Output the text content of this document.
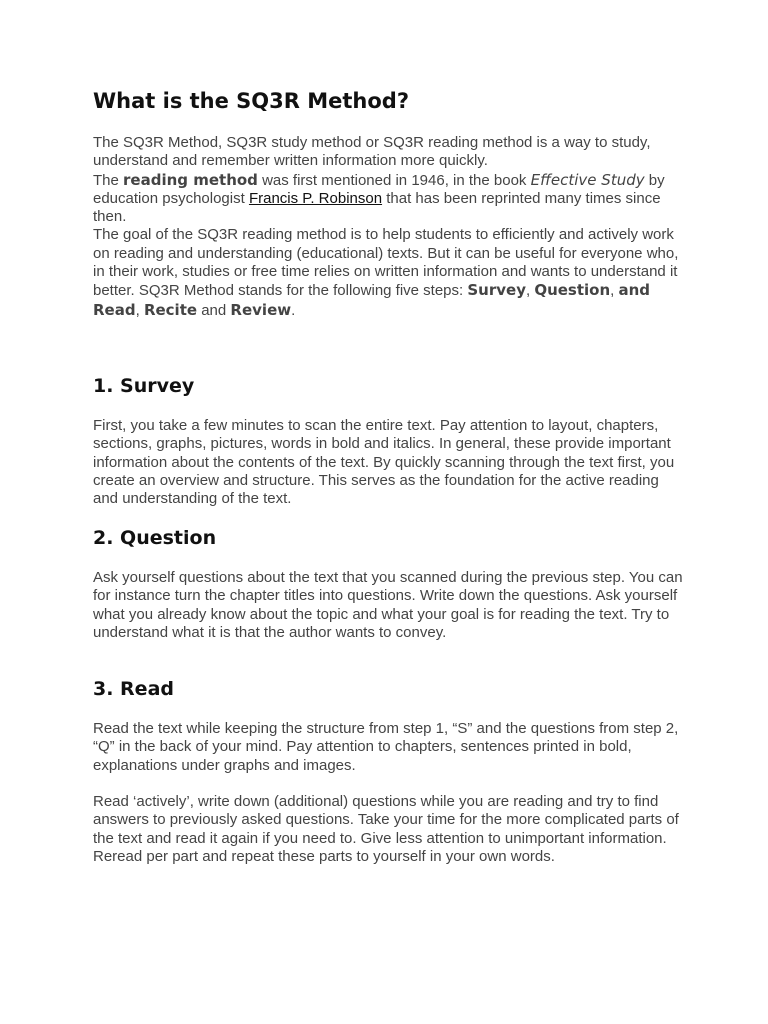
What is the SQ3R Method?

The SQ3R Method, SQ3R study method or SQ3R reading method is a way to study, understand and remember written information more quickly.

The reading method was first mentioned in 1946, in the book Effective Study by education psychologist Francis P. Robinson that has been reprinted many times since then.

The goal of the SQ3R reading method is to help students to efficiently and actively work on reading and understanding (educational) texts. But it can be useful for everyone who, in their work, studies or free time relies on written information and wants to understand it better. SQ3R Method stands for the following five steps: Survey, Question, and
Read, Recite and Review.

1. Survey

First, you take a few minutes to scan the entire text. Pay attention to layout, chapters, sections, graphs, pictures, words in bold and italics. In general, these provide important information about the contents of the text. By quickly scanning through the text first, you create an overview and structure. This serves as the foundation for the active reading and understanding of the text.

2. Question

Ask yourself questions about the text that you scanned during the previous step. You can for instance turn the chapter titles into questions. Write down the questions. Ask yourself what you already know about the topic and what your goal is for reading the text. Try to understand what it is that the author wants to convey.

3. Read

Read the text while keeping the structure from step 1, “S” and the questions from step 2, “Q” in the back of your mind. Pay attention to chapters, sentences printed in bold, explanations under graphs and images.

Read ‘actively’, write down (additional) questions while you are reading and try to find answers to previously asked questions. Take your time for the more complicated parts of the text and read it again if you need to. Give less attention to unimportant information. Reread per part and repeat these parts to yourself in your own words.
